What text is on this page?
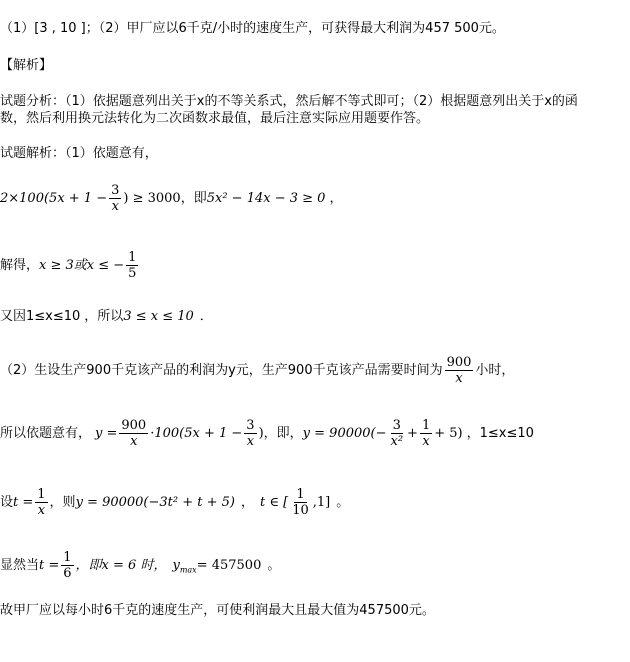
（1）[3 , 10 ]；（2）甲厂应以6千克/小时的速度生产，可获得最大利润为457 500元。
【解析】
试题分析：（1）依据题意列出关于x的不等关系式，然后解不等式即可；（2）根据题意列出关于x的函
数，然后利用换元法转化为二次函数求最值，最后注意实际应用题要作答。
试题解析：（1）依题意有，
$2\times 100(5x + 1 - \frac{3}{x}$ ) ≥ 3000 ，即 5x² − 14x − 3 ≥ 0 ，
解得， x ≥ 3或x ≤ − $\frac{1}{5}$
又因1≤x≤10 ，所以 3 ≤ x ≤ 10 ．
（2）生设生产900千克该产品的利润为y元，生产900千克该产品需要时间为 $\frac{900}{x}$ 小时，
所以依题意有， $y = \frac{900}{x} \cdot 100(5x + 1 - \frac{3}{x}$ ) ，即， $y = 90000(- \frac{3}{\text{x²}} + \frac{1}{x} + 5)$ ，1≤x≤10
设 $t = \frac{1}{x}$ ，则 y = 90000(−3t² + t + 5) ， t ∈ [ $\frac{1}{10} ,1$] 。
显然当 $t = \frac{1}{6}$ ，即x = 6 时， $y_{max} = 457500$ 。
故甲厂应以每小时6千克的速度生产，可使利润最大且最大值为457500元。
